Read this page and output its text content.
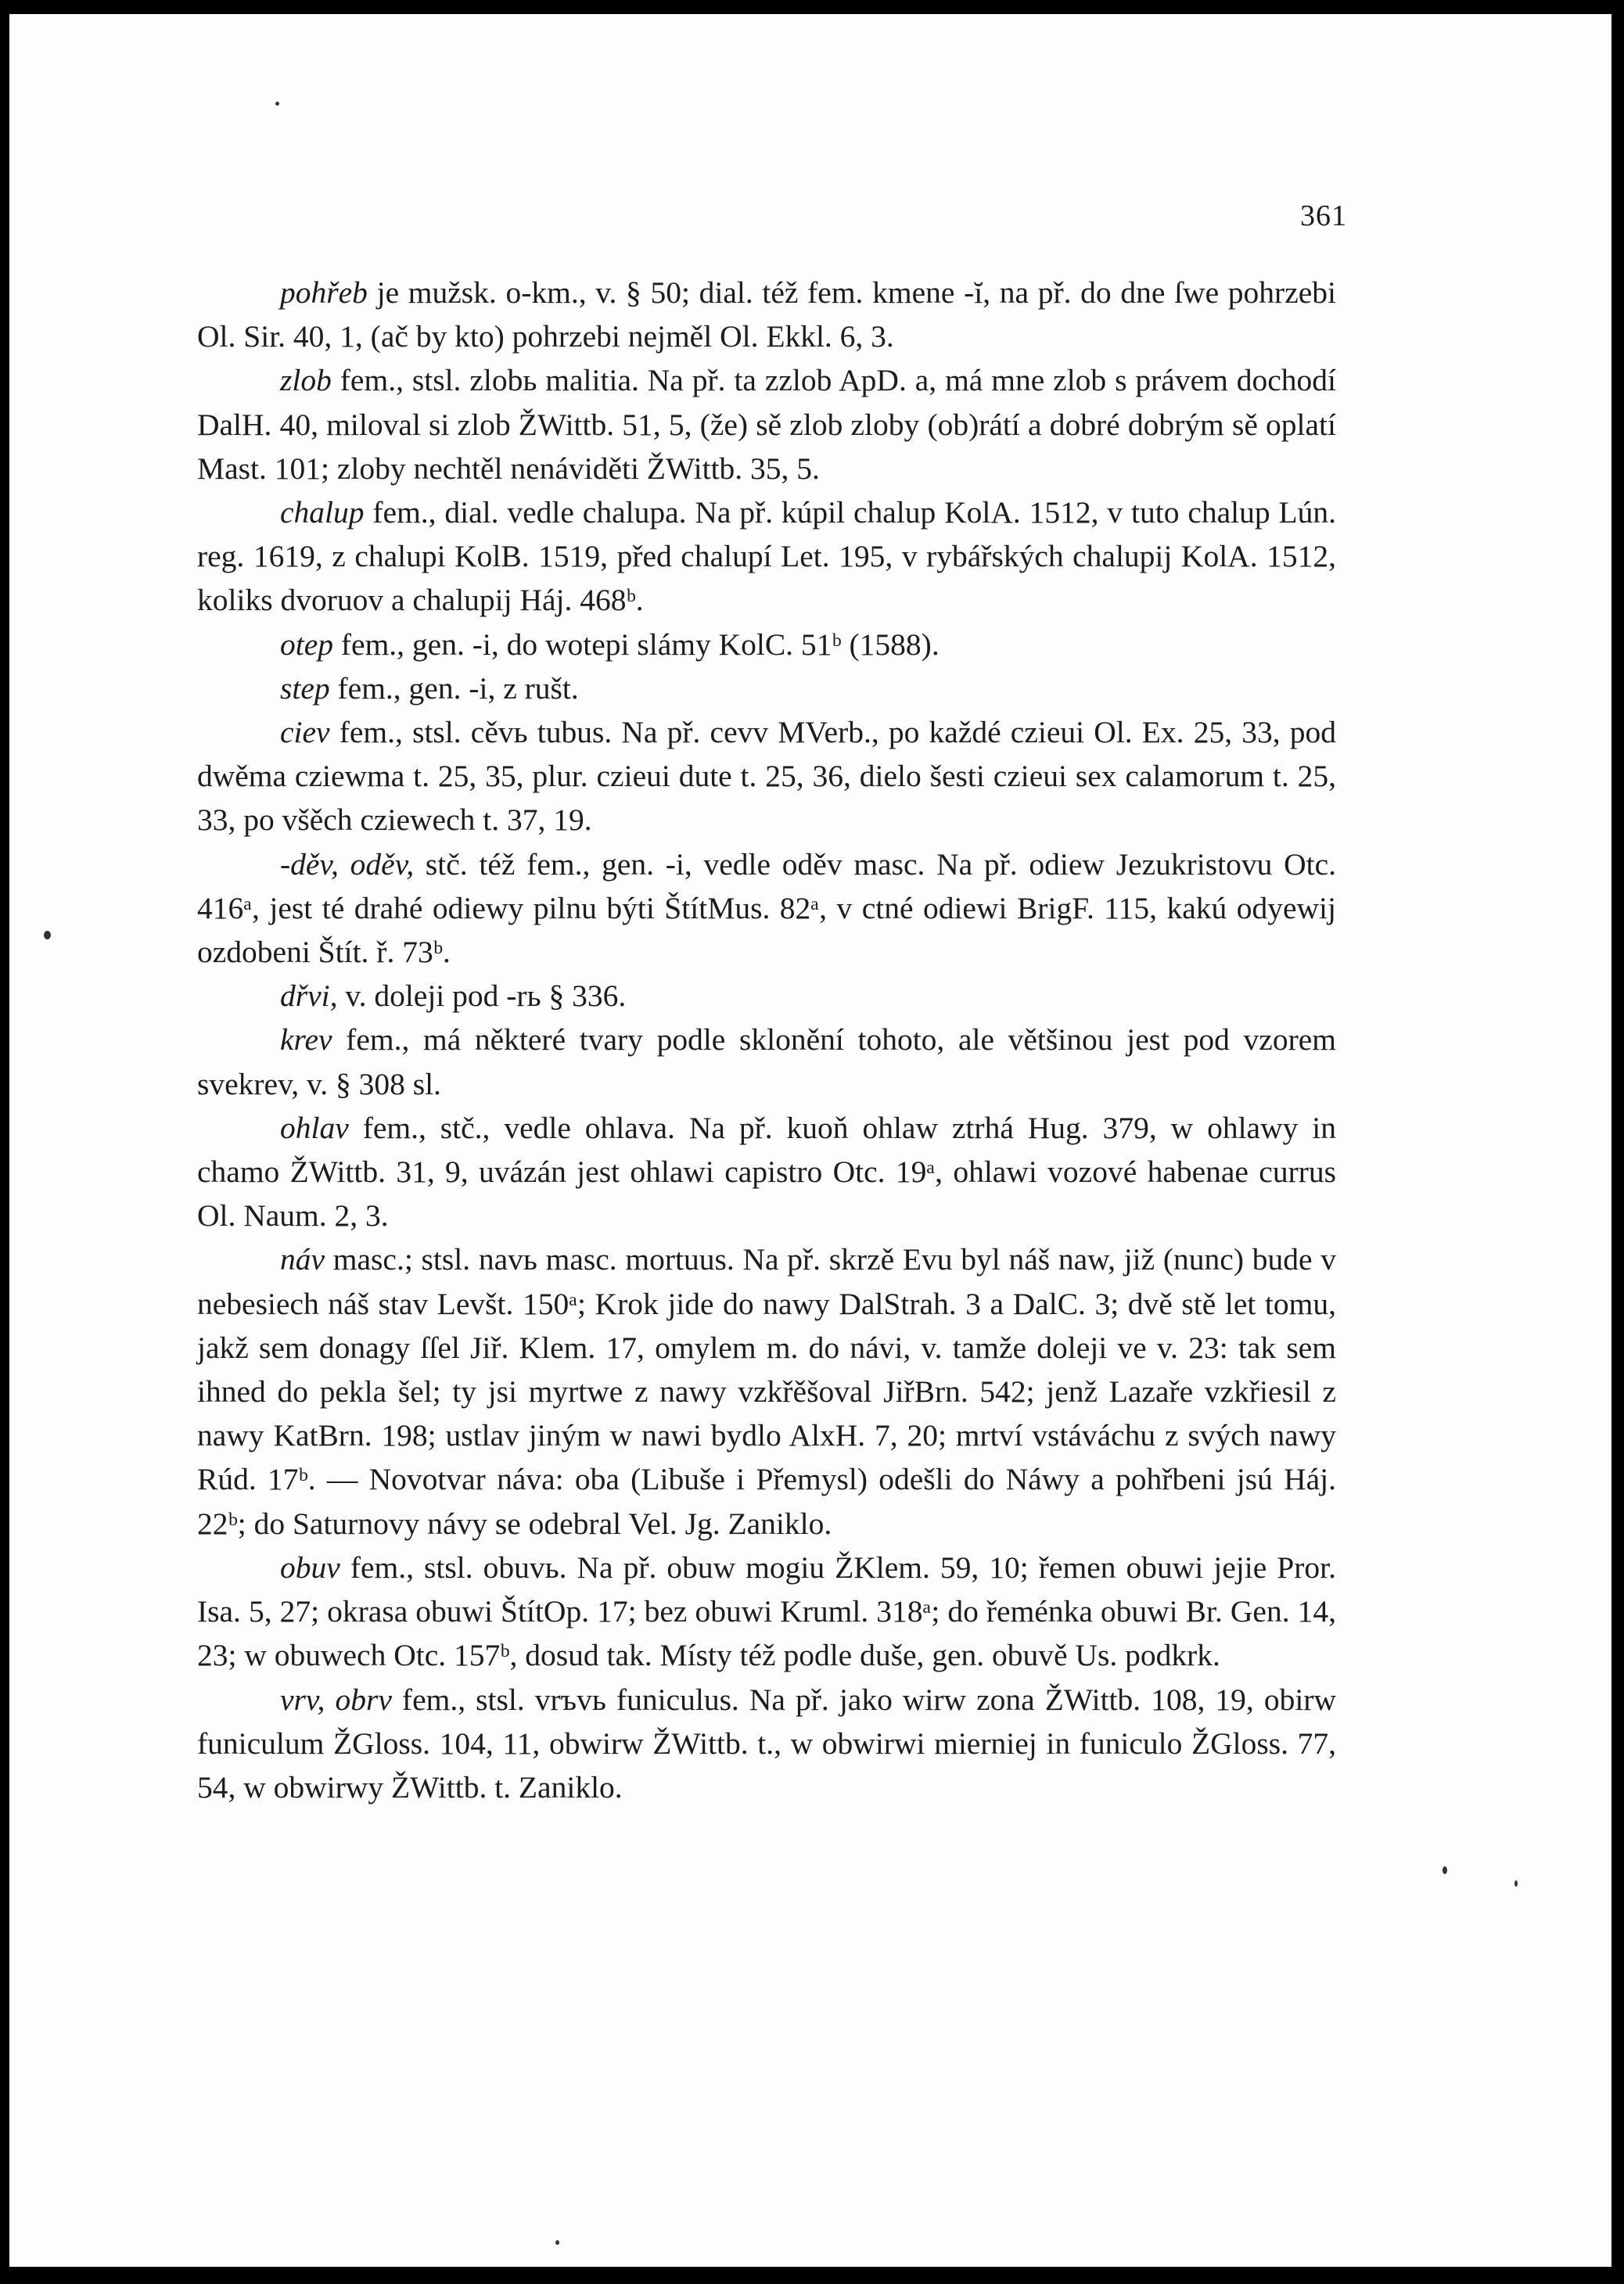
361

pohřeb je mužsk. o-km., v. § 50; dial. též fem. kmene -ĭ, na př. do dne ſwe pohrzebi Ol. Sir. 40, 1, (ač by kto) pohrzebi nejměl Ol. Ekkl. 6, 3.

zlob fem., stsl. zlobь malitia. Na př. ta zzlob ApD. a, má mne zlob s právem dochodí DalH. 40, miloval si zlob ŽWittb. 51, 5, (že) sě zlob zloby (ob)rátí a dobré dobrým sě oplatí Mast. 101; zloby nechtěl nenáviděti ŽWittb. 35, 5.

chalup fem., dial. vedle chalupa. Na př. kúpil chalup KolA. 1512, v tuto chalup Lún. reg. 1619, z chalupi KolB. 1519, před chalupí Let. 195, v rybářských chalupij KolA. 1512, koliks dvoruov a chalupij Háj. 468ᵇ.

otep fem., gen. -i, do wotepi slámy KolC. 51ᵇ (1588).

step fem., gen. -i, z rušt.

ciev fem., stsl. cěvь tubus. Na př. cevv MVerb., po každé czieui Ol. Ex. 25, 33, pod dwěma cziewma t. 25, 35, plur. czieui dute t. 25, 36, dielo šesti czieui sex calamorum t. 25, 33, po všěch cziewech t. 37, 19.

-děv, oděv, stč. též fem., gen. -i, vedle oděv masc. Na př. odiew Jezukristovu Otc. 416ᵃ, jest té drahé odiewy pilnu býti ŠtítMus. 82ᵃ, v ctné odiewi BrigF. 115, kakú odyewij ozdobeni Štít. ř. 73ᵇ.

dřvi, v. doleji pod -rь § 336.

krev fem., má některé tvary podle sklonění tohoto, ale většinou jest pod vzorem svekrev, v. § 308 sl.

ohlav fem., stč., vedle ohlava. Na př. kuoň ohlaw ztrhá Hug. 379, w ohlawy in chamo ŽWittb. 31, 9, uvázán jest ohlawi capistro Otc. 19ᵃ, ohlawi vozové habenae currus Ol. Naum. 2, 3.

náv masc.; stsl. navь masc. mortuus. Na př. skrzě Evu byl náš naw, již (nunc) bude v nebesiech náš stav Levšt. 150ᵃ; Krok jide do nawy DalStrah. 3 a DalC. 3; dvě stě let tomu, jakž sem donagy ſſel Jiř. Klem. 17, omylem m. do návi, v. tamže doleji ve v. 23: tak sem ihned do pekla šel; ty jsi myrtwe z nawy vzkřěšoval JiřBrn. 542; jenž Lazaře vzkřiesil z nawy KatBrn. 198; ustlav jiným w nawi bydlo AlxH. 7, 20; mrtví vstáváchu z svých nawy Rúd. 17ᵇ. — Novotvar náva: oba (Libuše i Přemysl) odešli do Náwy a pohřbeni jsú Háj. 22ᵇ; do Saturnovy návy se odebral Vel. Jg. Zaniklo.

obuv fem., stsl. obuvь. Na př. obuw mogiu ŽKlem. 59, 10; řemen obuwi jejie Pror. Isa. 5, 27; okrasa obuwi ŠtítOp. 17; bez obuwi Kruml. 318ᵃ; do řeménka obuwi Br. Gen. 14, 23; w obuwech Otc. 157ᵇ, dosud tak. Místy též podle duše, gen. obuvě Us. podkrk.

vrv, obrv fem., stsl. vrъvь funiculus. Na př. jako wirw zona ŽWittb. 108, 19, obirw funiculum ŽGloss. 104, 11, obwirw ŽWittb. t., w obwirwi mierniej in funiculo ŽGloss. 77, 54, w obwirwy ŽWittb. t. Zaniklo.
